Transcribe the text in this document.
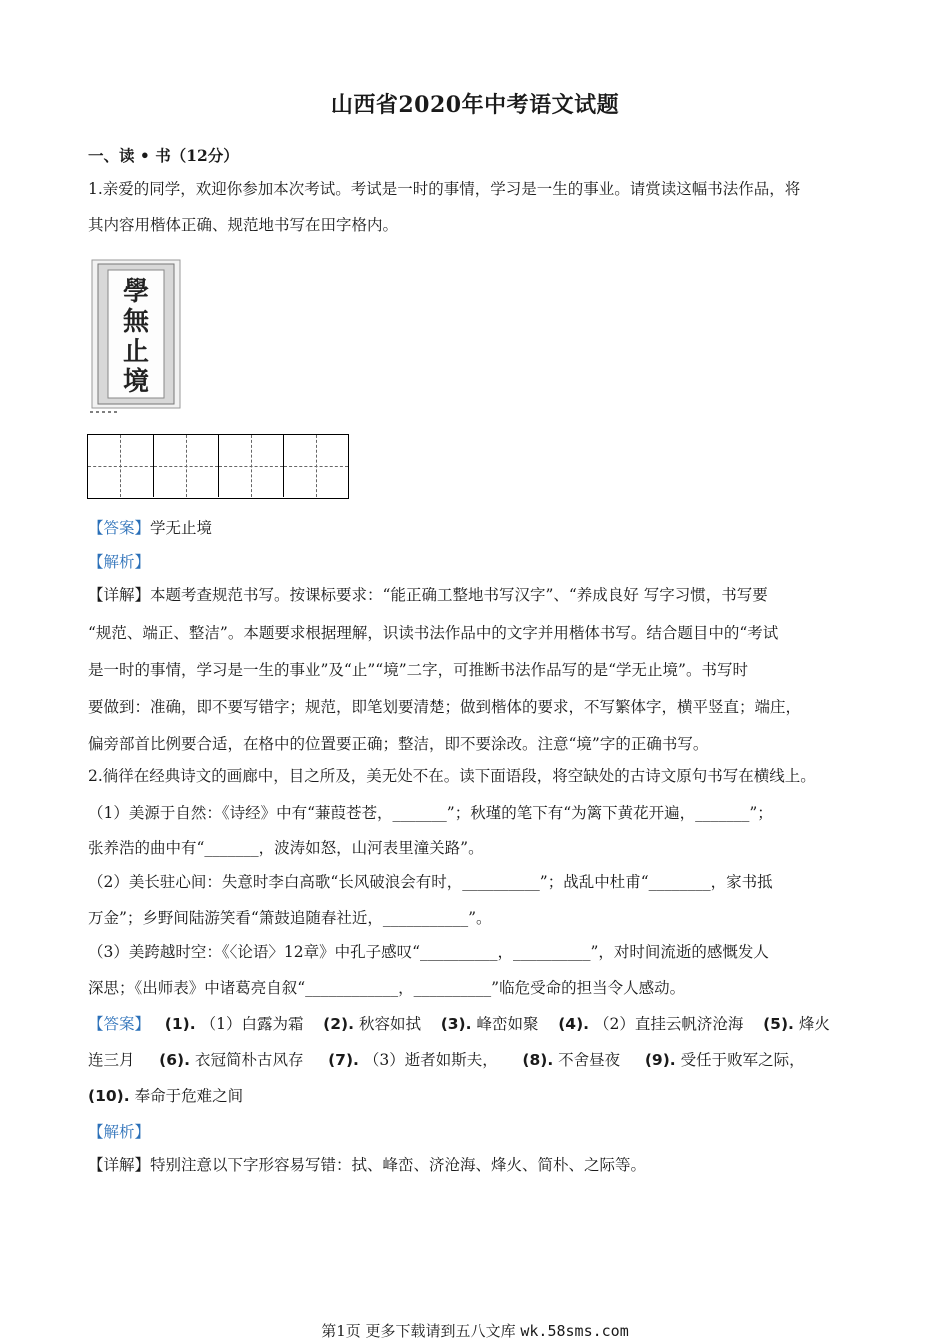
山西省2020年中考语文试题
一、读 • 书（12分）
1.亲爱的同学，欢迎你参加本次考试。考试是一时的事情，学习是一生的事业。请赏读这幅书法作品，将
其内容用楷体正确、规范地书写在田字格内。
學
無
止
境
【答案】学无止境
【解析】
【详解】本题考查规范书写。按课标要求：“能正确工整地书写汉字”、“养成良好 写字习惯，书写要
“规范、端正、整洁”。本题要求根据理解，识读书法作品中的文字并用楷体书写。结合题目中的“考试
是一时的事情，学习是一生的事业”及“止”“境”二字，可推断书法作品写的是“学无止境”。书写时
要做到：准确，即不要写错字；规范，即笔划要清楚；做到楷体的要求，不写繁体字，横平竖直；端庄，
偏旁部首比例要合适，在格中的位置要正确；整洁，即不要涂改。注意“境”字的正确书写。
2.徜徉在经典诗文的画廊中，目之所及，美无处不在。读下面语段，将空缺处的古诗文原句书写在横线上。
（1）美源于自然：《诗经》中有“蒹葭苍苍，_______”；秋瑾的笔下有“为篱下黄花开遍，_______”；
张养浩的曲中有“_______，波涛如怒，山河表里潼关路”。
（2）美长驻心间：失意时李白高歌“长风破浪会有时，__________”；战乱中杜甫“________，家书抵
万金”；乡野间陆游笑看“箫鼓追随春社近，___________”。
（3）美跨越时空：《〈论语〉12章》中孔子感叹“__________，__________”，对时间流逝的感慨发人
深思；《出师表》中诸葛亮自叙“____________，__________”临危受命的担当令人感动。
【答案】 (1). （1）白露为霜 (2). 秋容如拭 (3). 峰峦如聚 (4). （2）直挂云帆济沧海 (5). 烽火
连三月 (6). 衣冠简朴古风存 (7). （3）逝者如斯夫， (8). 不舍昼夜 (9). 受任于败军之际，
(10). 奉命于危难之间
【解析】
【详解】特别注意以下字形容易写错：拭、峰峦、济沧海、烽火、简朴、之际等。
第1页 更多下载请到五八文库 wk.58sms.com
